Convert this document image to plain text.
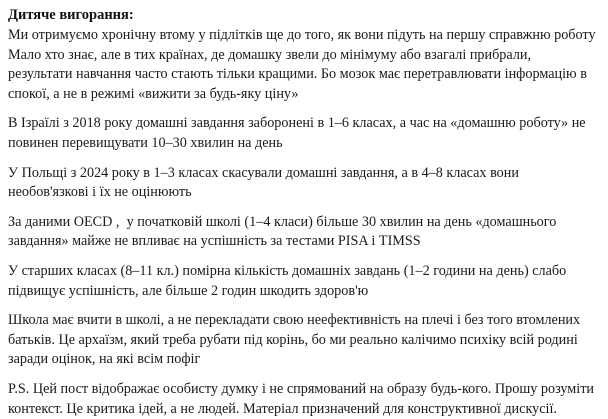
Дитяче вигорання:

Ми отримуємо хронічну втому у підлітків ще до того, як вони підуть на першу справжню роботу   Мало хто знає, але в тих країнах, де домашку звели до мінімуму або взагалі прибрали, результати навчання часто стають тільки кращими. Бо мозок має перетравлювати інформацію в спокої, а не в режимі «вижити за будь-яку ціну»

В Ізраїлі з 2018 року домашні завдання заборонені в 1–6 класах, а час на «домашню роботу» не повинен перевищувати 10–30 хвилин на день

У Польщі з 2024 року в 1–3 класах скасували домашні завдання, а в 4–8 класах вони необов'язкові і їх не оцінюють

За даними OECD ,  у початковій школі (1–4 класи) більше 30 хвилин на день «домашнього завдання» майже не впливає на успішність за тестами PISA і TIMSS

У старших класах (8–11 кл.) помірна кількість домашніх завдань (1–2 години на день) слабо підвищує успішність, але більше 2 годин шкодить здоров'ю

Школа має вчити в школі, а не перекладати свою неефективність на плечі і без того втомлених батьків. Це архаїзм, який треба рубати під корінь, бо ми реально калічимо психіку всій родині заради оцінок, на які всім пофіг

P.S. Цей пост відображає особисту думку і не спрямований на образу будь-кого. Прошу розуміти контекст. Це критика ідей, а не людей. Матеріал призначений для конструктивної дискусії.
